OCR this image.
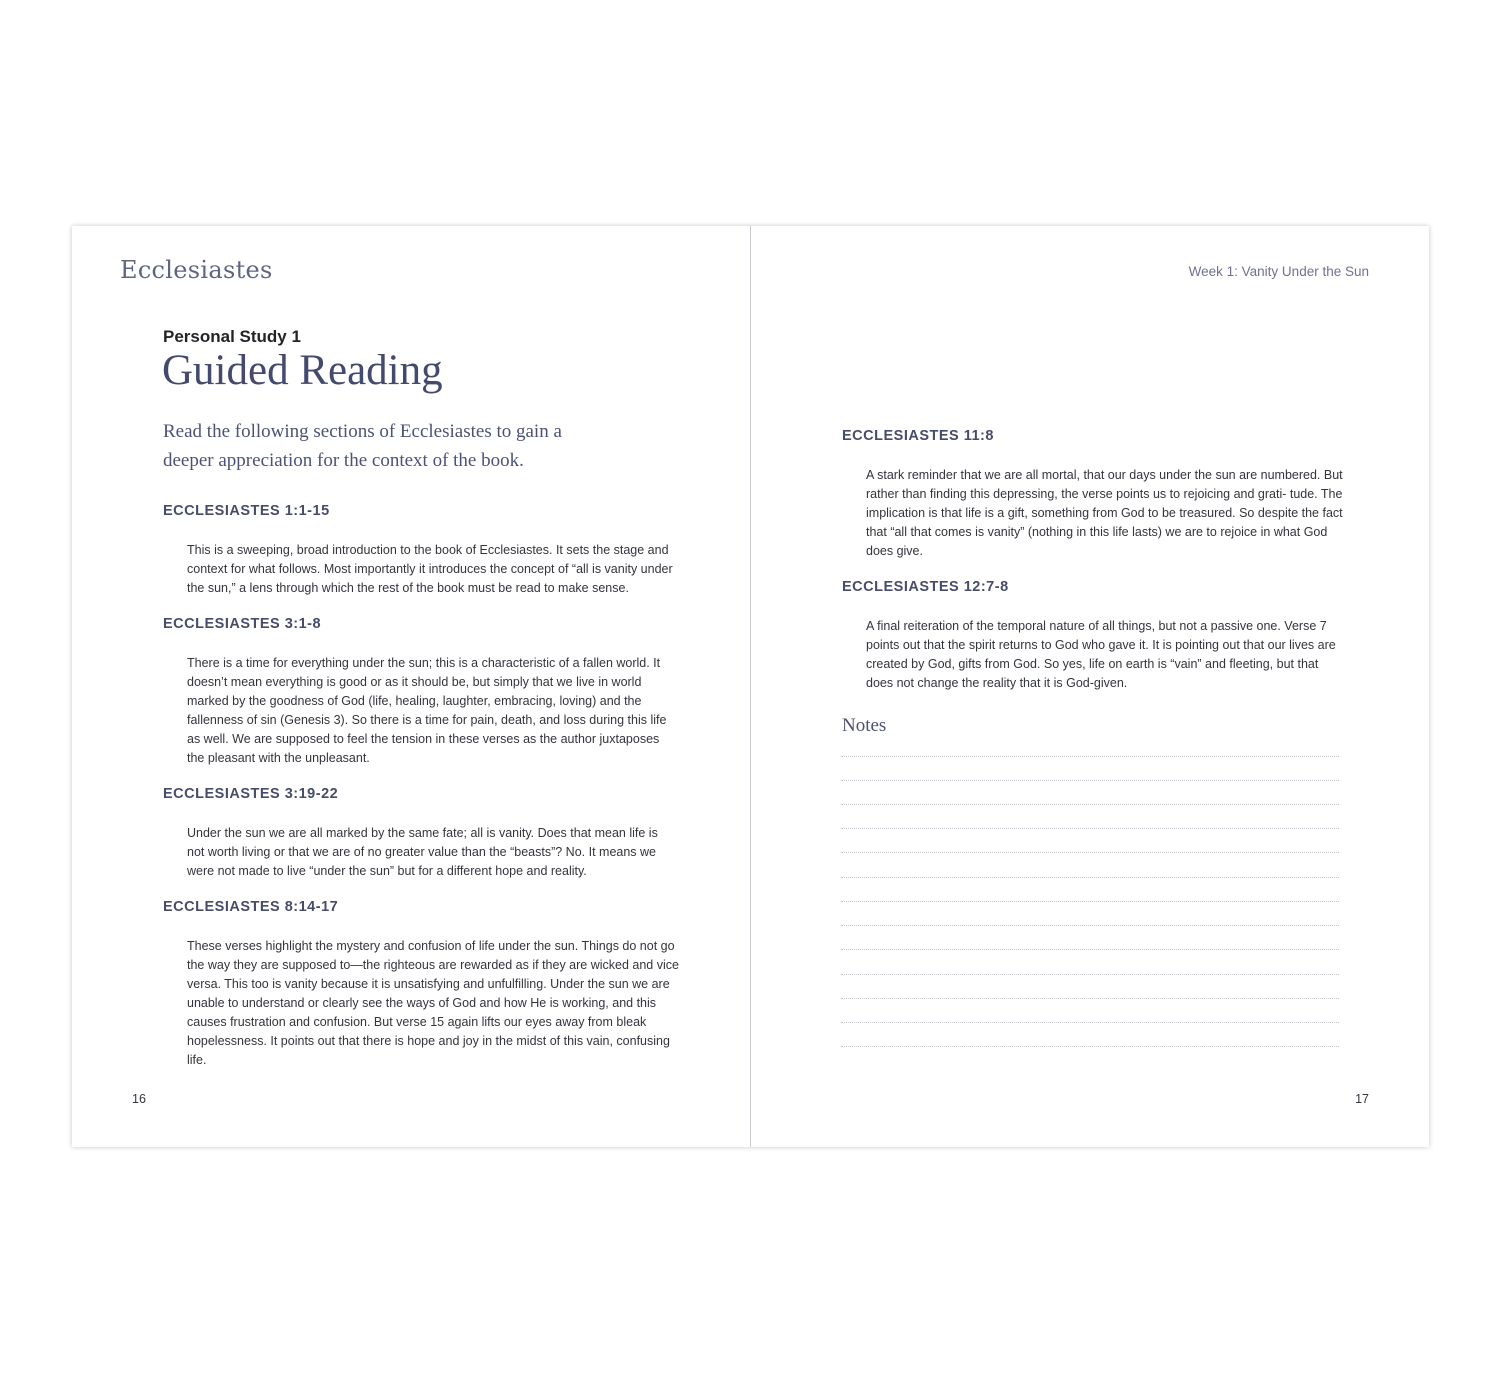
Ecclesiastes

Personal Study 1

Guided Reading

Read the following sections of Ecclesiastes to gain a deeper appreciation for the context of the book.

ECCLESIASTES 1:1-15

This is a sweeping, broad introduction to the book of Ecclesiastes. It sets the stage and context for what follows. Most importantly it introduces the concept of “all is vanity under the sun,” a lens through which the rest of the book must be read to make sense.

ECCLESIASTES 3:1-8

There is a time for everything under the sun; this is a characteristic of a fallen world. It doesn’t mean everything is good or as it should be, but simply that we live in world marked by the goodness of God (life, healing, laughter, embracing, loving) and the fallenness of sin (Genesis 3). So there is a time for pain, death, and loss during this life as well. We are supposed to feel the tension in these verses as the author juxtaposes the pleasant with the unpleasant.

ECCLESIASTES 3:19-22

Under the sun we are all marked by the same fate; all is vanity. Does that mean life is not worth living or that we are of no greater value than the “beasts”? No. It means we were not made to live “under the sun” but for a different hope and reality.

ECCLESIASTES 8:14-17

These verses highlight the mystery and confusion of life under the sun. Things do not go the way they are supposed to—the righteous are rewarded as if they are wicked and vice versa. This too is vanity because it is unsatisfying and unfulfilling. Under the sun we are unable to understand or clearly see the ways of God and how He is working, and this causes frustration and confusion. But verse 15 again lifts our eyes away from bleak hopelessness. It points out that there is hope and joy in the midst of this vain, confusing life.

16

Week 1: Vanity Under the Sun

ECCLESIASTES 11:8

A stark reminder that we are all mortal, that our days under the sun are numbered. But rather than finding this depressing, the verse points us to rejoicing and grati- tude. The implication is that life is a gift, something from God to be treasured. So despite the fact that “all that comes is vanity” (nothing in this life lasts) we are to rejoice in what God does give.

ECCLESIASTES 12:7-8

A final reiteration of the temporal nature of all things, but not a passive one. Verse 7 points out that the spirit returns to God who gave it. It is pointing out that our lives are created by God, gifts from God. So yes, life on earth is “vain” and fleeting, but that does not change the reality that it is God-given.

Notes

17
